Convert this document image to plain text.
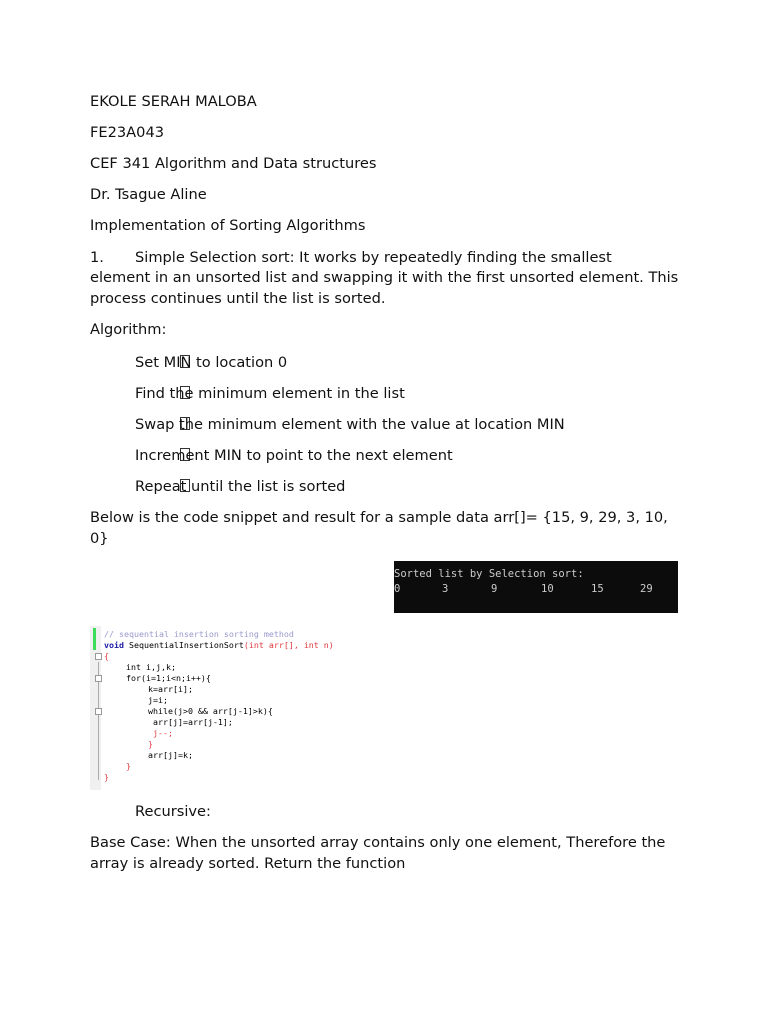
EKOLE SERAH MALOBA

FE23A043

CEF 341 Algorithm and Data structures

Dr. Tsague Aline

Implementation of Sorting Algorithms

1. Simple Selection sort: It works by repeatedly finding the smallest

element in an unsorted list and swapping it with the first unsorted element. This process continues until the list is sorted.

Algorithm:

Set MIN to location 0
Find the minimum element in the list
Swap the minimum element with the value at location MIN
Increment MIN to point to the next element
Repeat until the list is sorted

Below is the code snippet and result for a sample data arr[]= {15, 9, 29, 3, 10, 0}

Sorted list by Selection sort:
0	3	9	10	15	29
// sequential insertion sorting method
void SequentialInsertionSort(int arr[], int n)
{
int i,j,k;
for(i=1;i<n;i++){
k=arr[i];
j=i;
while(j>0 && arr[j-1]>k){
arr[j]=arr[j-1];
j--;
}
arr[j]=k;
}
}

Recursive:

Base Case: When the unsorted array contains only one element, Therefore the array is already sorted. Return the function
